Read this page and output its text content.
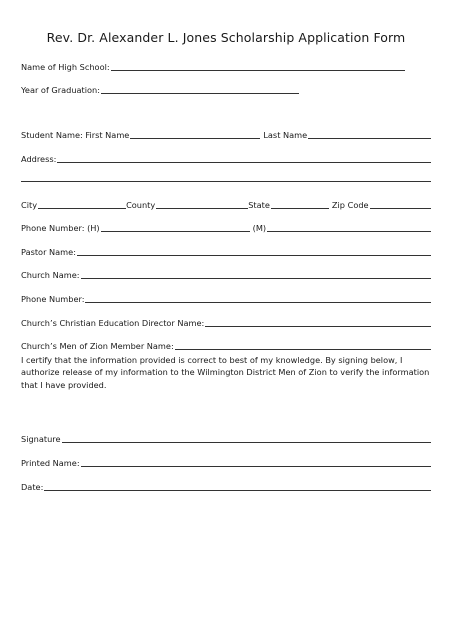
Rev. Dr. Alexander L. Jones Scholarship Application Form
Name of High School:
Year of Graduation:
Student Name: First Name	Last Name
Address:
City	County	State	Zip Code
Phone Number: (H)	(M)
Pastor Name:
Church Name:
Phone Number:
Church’s Christian Education Director Name:
Church’s Men of Zion Member Name:
I certify that the information provided is correct to best of my knowledge. By signing below, I authorize release of my information to the Wilmington District Men of Zion to verify the information that I have provided.
Signature
Printed Name:
Date:
